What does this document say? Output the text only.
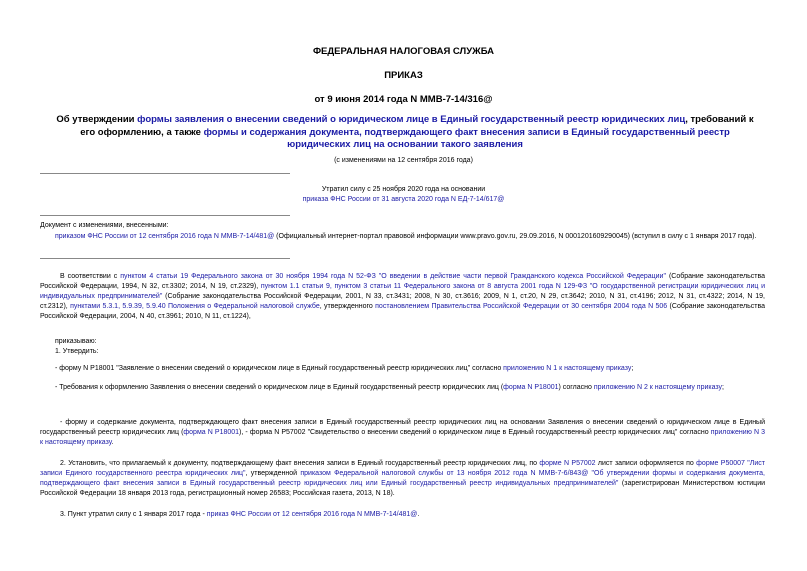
ФЕДЕРАЛЬНАЯ НАЛОГОВАЯ СЛУЖБА
ПРИКАЗ
от 9 июня 2014 года N ММВ-7-14/316@
Об утверждении формы заявления о внесении сведений о юридическом лице в Единый государственный реестр юридических лиц, требований к его оформлению, а также формы и содержания документа, подтверждающего факт внесения записи в Единый государственный реестр юридических лиц на основании такого заявления
(с изменениями на 12 сентября 2016 года)
Утратил силу с 25 ноября 2020 года на основании
приказа ФНС России от 31 августа 2020 года N ЕД-7-14/617@
Документ с изменениями, внесенными:
приказом ФНС России от 12 сентября 2016 года N ММВ-7-14/481@ (Официальный интернет-портал правовой информации www.pravo.gov.ru, 29.09.2016, N 0001201609290045) (вступил в силу с 1 января 2017 года).
В соответствии с пунктом 4 статьи 19 Федерального закона от 30 ноября 1994 года N 52-ФЗ "О введении в действие части первой Гражданского кодекса Российской Федерации" (Собрание законодательства Российской Федерации, 1994, N 32, ст.3302; 2014, N 19, ст.2329), пунктом 1.1 статьи 9, пунктом 3 статьи 11 Федерального закона от 8 августа 2001 года N 129-ФЗ "О государственной регистрации юридических лиц и индивидуальных предпринимателей" (Собрание законодательства Российской Федерации, 2001, N 33, ст.3431; 2008, N 30, ст.3616; 2009, N 1, ст.20, N 29, ст.3642; 2010, N 31, ст.4196; 2012, N 31, ст.4322; 2014, N 19, ст.2312), пунктами 5.3.1, 5.9.39, 5.9.40 Положения о Федеральной налоговой службе, утвержденного постановлением Правительства Российской Федерации от 30 сентября 2004 года N 506 (Собрание законодательства Российской Федерации, 2004, N 40, ст.3961; 2010, N 11, ст.1224),
приказываю:
1. Утвердить:
- форму N Р18001 "Заявление о внесении сведений о юридическом лице в Единый государственный реестр юридических лиц" согласно приложению N 1 к настоящему приказу;
- Требования к оформлению Заявления о внесении сведений о юридическом лице в Единый государственный реестр юридических лиц (форма N Р18001) согласно приложению N 2 к настоящему приказу;
- форму и содержание документа, подтверждающего факт внесения записи в Единый государственный реестр юридических лиц на основании Заявления о внесении сведений о юридическом лице в Единый государственный реестр юридических лиц (форма N Р18001), - форма N Р57002 "Свидетельство о внесении сведений о юридическом лице в Единый государственный реестр юридических лиц" согласно приложению N 3 к настоящему приказу.
2. Установить, что прилагаемый к документу, подтверждающему факт внесения записи в Единый государственный реестр юридических лиц, по форме N Р57002 лист записи оформляется по форме Р50007 "Лист записи Единого государственного реестра юридических лиц", утвержденной приказом Федеральной налоговой службы от 13 ноября 2012 года N ММВ-7-6/843@ "Об утверждении формы и содержания документа, подтверждающего факт внесения записи в Единый государственный реестр юридических лиц или Единый государственный реестр индивидуальных предпринимателей" (зарегистрирован Министерством юстиции Российской Федерации 18 января 2013 года, регистрационный номер 26583; Российская газета, 2013, N 18).
3. Пункт утратил силу с 1 января 2017 года - приказ ФНС России от 12 сентября 2016 года N ММВ-7-14/481@.
